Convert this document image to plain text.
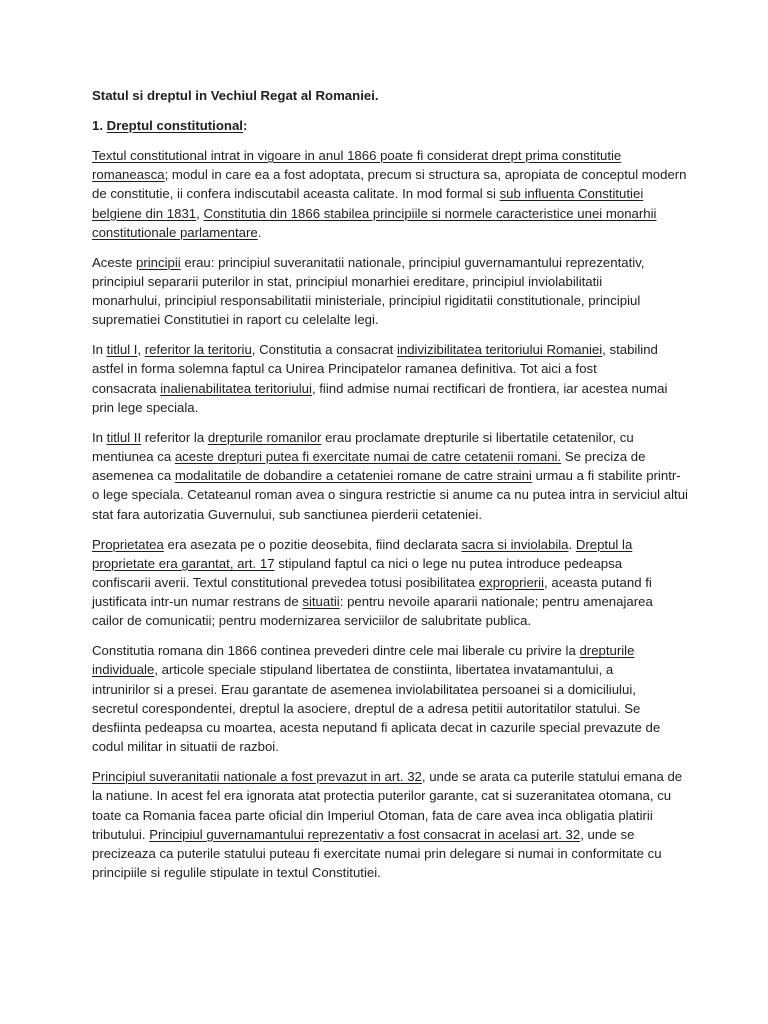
Statul si dreptul in Vechiul Regat al Romaniei.
1. Dreptul constitutional:
Textul constitutional intrat in vigoare in anul 1866 poate fi considerat drept prima constitutie
romaneasca; modul in care ea a fost adoptata, precum si structura sa, apropiata de conceptul modern
de constitutie, ii confera indiscutabil aceasta calitate. In mod formal si sub influenta Constitutiei
belgiene din 1831, Constitutia din 1866 stabilea principiile si normele caracteristice unei monarhii
constitutionale parlamentare.
Aceste principii erau: principiul suveranitatii nationale, principiul guvernamantului reprezentativ,
principiul separarii puterilor in stat, principiul monarhiei ereditare, principiul inviolabilitatii
monarhului, principiul responsabilitatii ministeriale, principiul rigiditatii constitutionale, principiul
suprematiei Constitutiei in raport cu celelalte legi.
In titlul I, referitor la teritoriu, Constitutia a consacrat indivizibilitatea teritoriului Romaniei, stabilind
astfel in forma solemna faptul ca Unirea Principatelor ramanea definitiva. Tot aici a fost
consacrata inalienabilitatea teritoriului, fiind admise numai rectificari de frontiera, iar acestea numai
prin lege speciala.
In titlul II referitor la drepturile romanilor erau proclamate drepturile si libertatile cetatenilor, cu
mentiunea ca aceste drepturi putea fi exercitate numai de catre cetatenii romani. Se preciza de
asemenea ca modalitatile de dobandire a cetateniei romane de catre straini urmau a fi stabilite printr-
o lege speciala. Cetateanul roman avea o singura restrictie si anume ca nu putea intra in serviciul altui
stat fara autorizatia Guvernului, sub sanctiunea pierderii cetateniei.
Proprietatea era asezata pe o pozitie deosebita, fiind declarata sacra si inviolabila. Dreptul la
proprietate era garantat, art. 17 stipuland faptul ca nici o lege nu putea introduce pedeapsa
confiscarii averii. Textul constitutional prevedea totusi posibilitatea exproprierii, aceasta putand fi
justificata intr-un numar restrans de situatii: pentru nevoile apararii nationale; pentru amenajarea
cailor de comunicatii; pentru modernizarea serviciilor de salubritate publica.
Constitutia romana din 1866 continea prevederi dintre cele mai liberale cu privire la drepturile
individuale, articole speciale stipuland libertatea de constiinta, libertatea invatamantului, a
intrunirilor si a presei. Erau garantate de asemenea inviolabilitatea persoanei si a domiciliului,
secretul corespondentei, dreptul la asociere, dreptul de a adresa petitii autoritatilor statului. Se
desfiinta pedeapsa cu moartea, acesta neputand fi aplicata decat in cazurile special prevazute de
codul militar in situatii de razboi.
Principiul suveranitatii nationale a fost prevazut in art. 32, unde se arata ca puterile statului emana de
la natiune. In acest fel era ignorata atat protectia puterilor garante, cat si suzeranitatea otomana, cu
toate ca Romania facea parte oficial din Imperiul Otoman, fata de care avea inca obligatia platirii
tributului. Principiul guvernamantului reprezentativ a fost consacrat in acelasi art. 32, unde se
precizeaza ca puterile statului puteau fi exercitate numai prin delegare si numai in conformitate cu
principiile si regulile stipulate in textul Constitutiei.
